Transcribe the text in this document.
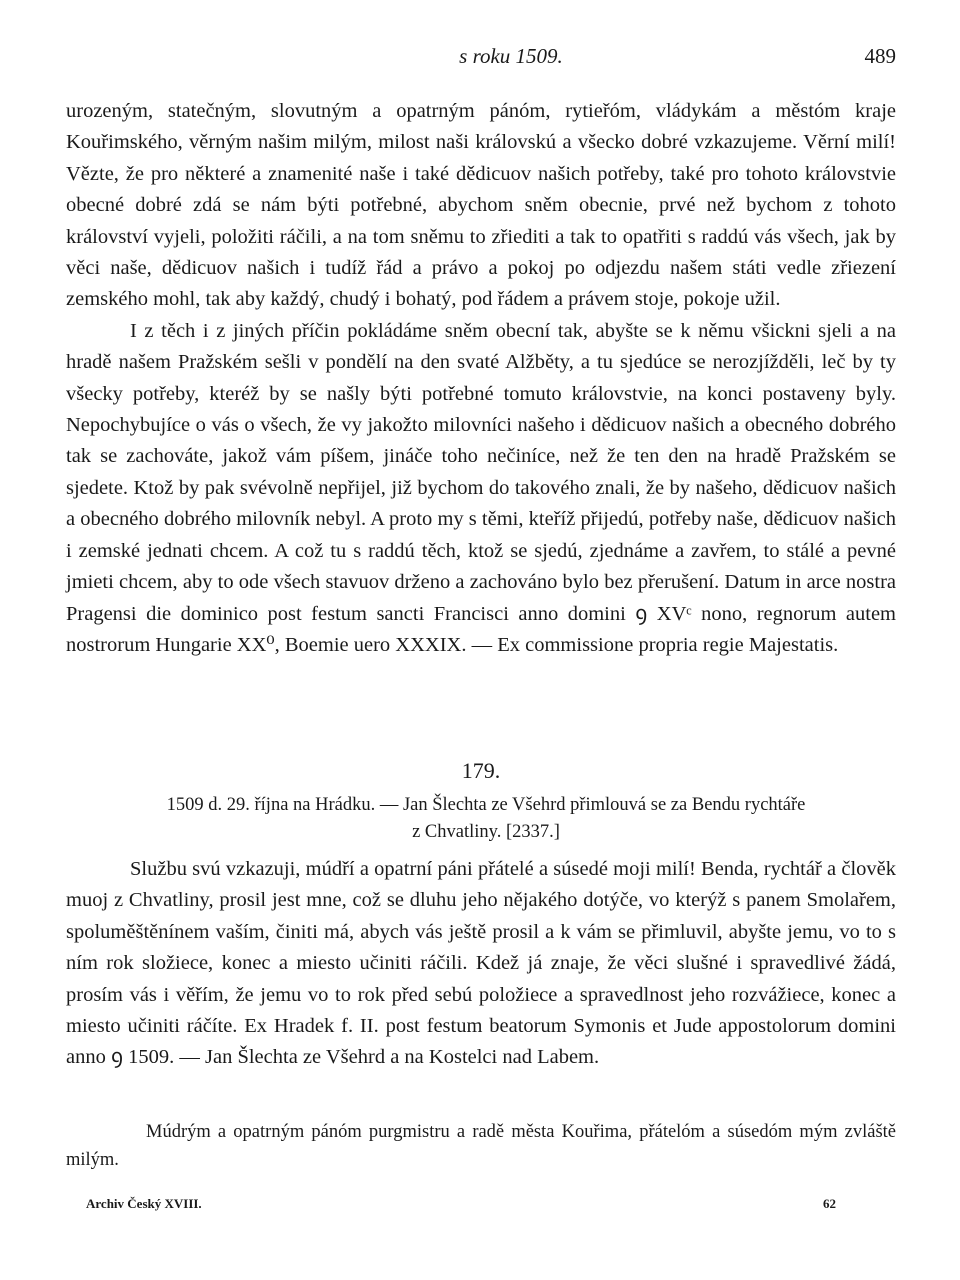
s roku 1509.	489

urozeným, statečným, slovutným a opatrným pánóm, rytieřóm, vládykám a městóm kraje Kouřimského, věrným našim milým, milost naši královskú a všecko dobré vzkazujeme. Věrní milí! Vězte, že pro některé a znamenité naše i také dědicuov našich potřeby, také pro tohoto královstvie obecné dobré zdá se nám býti potřebné, abychom sněm obecnie, prvé než bychom z tohoto království vyjeli, položiti ráčili, a na tom sněmu to zřiediti a tak to opatřiti s raddú vás všech, jak by věci naše, dědicuov našich i tudíž řád a právo a pokoj po odjezdu našem státi vedle zřiezení zemského mohl, tak aby každý, chudý i bohatý, pod řádem a právem stoje, pokoje užil.

I z těch i z jiných příčin pokládáme sněm obecní tak, abyšte se k němu všickni sjeli a na hradě našem Pražském sešli v pondělí na den svaté Alžběty, a tu sjedúce se nerozjížděli, leč by ty všecky potřeby, kteréž by se našly býti potřebné tomuto královstvie, na konci postaveny byly. Nepochybujíce o vás o všech, že vy jakožto milovníci našeho i dědicuov našich a obecného dobrého tak se zachováte, jakož vám píšem, jináče toho nečiníce, než že ten den na hradě Pražském se sjedete. Ktož by pak svévolně nepřijel, již bychom do takového znali, že by našeho, dědicuov našich a obecného dobrého milovník nebyl. A proto my s těmi, kteříž přijedú, potřeby naše, dědicuov našich i zemské jednati chcem. A což tu s raddú těch, ktož se sjedú, zjednáme a zavřem, to stálé a pevné jmieti chcem, aby to ode všech stavuov drženo a zachováno bylo bez přerušení. Datum in arce nostra Pragensi die dominico post festum sancti Francisci anno domini ꝯ XVᶜ nono, regnorum autem nostrorum Hungarie XX⁰, Boemie uero XXXIX. — Ex commissione propria regie Majestatis.

179.
1509 d. 29. října na Hrádku. — Jan Šlechta ze Všehrd přimlouvá se za Bendu rychtáře
z Chvatliny. [2337.]

Službu svú vzkazuji, múdří a opatrní páni přátelé a súsedé moji milí! Benda, rychtář a člověk muoj z Chvatliny, prosil jest mne, což se dluhu jeho nějakého dotýče, vo kterýž s panem Smolařem, spoluměštěnínem vaším, činiti má, abych vás ještě prosil a k vám se přimluvil, abyšte jemu, vo to s ním rok složiece, konec a miesto učiniti ráčili. Kdež já znaje, že věci slušné i spravedlivé žádá, prosím vás i věřím, že jemu vo to rok před sebú položiece a spravedlnost jeho rozvážiece, konec a miesto učiniti ráčíte. Ex Hradek f. II. post festum beatorum Symonis et Jude appostolorum domini anno ꝯ 1509. — Jan Šlechta ze Všehrd a na Kostelci nad Labem.

Múdrým a opatrným pánóm purgmistru a radě města Kouřima, přátelóm a súsedóm mým zvláště milým.
Archiv Český XVIII.	62
